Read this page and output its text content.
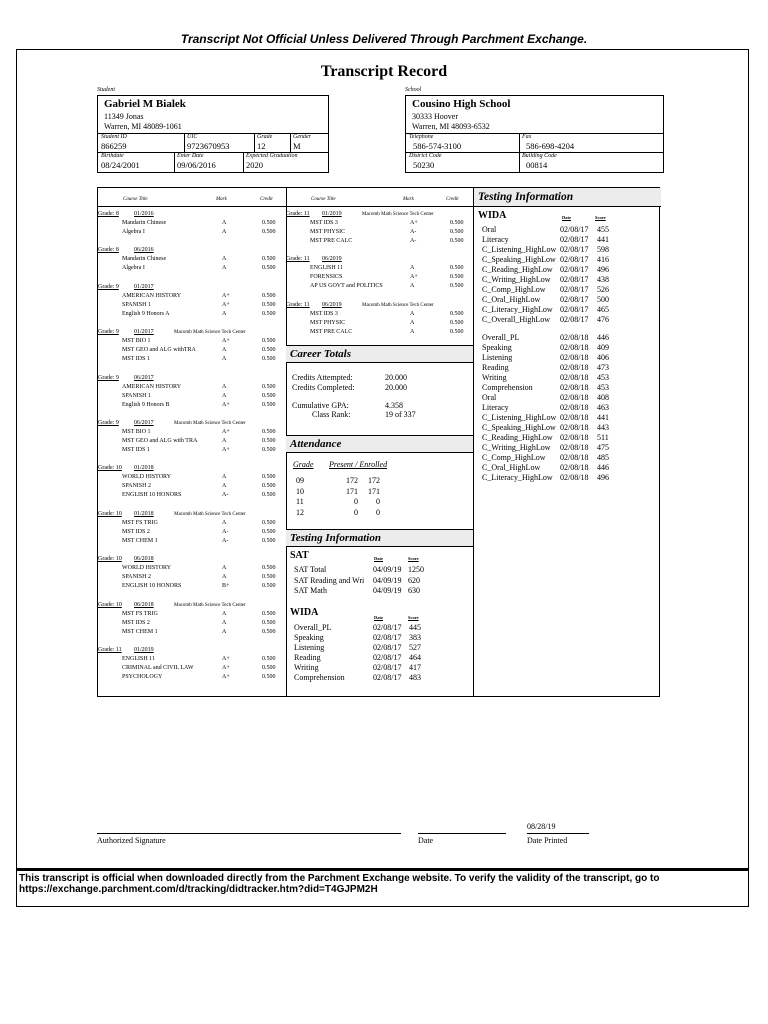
Transcript Not Official Unless Delivered Through Parchment Exchange.
Transcript Record
Student
Gabriel M Bialek
11349 Jonas
Warren, MI 48089-1061
Student ID
866259
UIC
9723670953
Grade
12
Gender
M
Birthdate
08/24/2001
Enter Date
09/06/2016
Expected Graduation
2020
School
Cousino High School
30333 Hoover
Warren, MI 48093-6532
Telephone
586-574-3100
Fax
586-698-4204
District Code
50230
Building Code
00814
Course Title	Mark	Credit	Course Title	Mark	Credit
Grade: 8	01/2016
Mandarin Chinese	A	0.500
Algebra I	A	0.500
Grade: 8	06/2016
Mandarin Chinese	A	0.500
Algebra I	A	0.500
Grade: 9	01/2017
AMERICAN HISTORY	A+	0.500
SPANISH 1	A+	0.500
English 9 Honors A	A	0.500
Grade: 9	01/2017	Macomb Math Science Tech Center
MST BIO 1	A+	0.500
MST GEO and ALG withTRA	A	0.500
MST IDS 1	A	0.500
Grade: 9	06/2017
AMERICAN HISTORY	A	0.500
SPANISH 1	A	0.500
English 9 Honors B	A+	0.500
Grade: 9	06/2017	Macomb Math Science Tech Center
MST BIO 1	A+	0.500
MST GEO and ALG with TRA	A	0.500
MST IDS 1	A+	0.500
Grade: 10 01/2018
WORLD HISTORY	A	0.500
SPANISH 2	A	0.500
ENGLISH 10 HONORS	A-	0.500
Grade: 10 01/2018	Macomb Math Science Tech Center
MST FS TRIG	A	0.500
MST IDS 2	A-	0.500
MST CHEM 1	A-	0.500
Grade: 10 06/2018
WORLD HISTORY	A	0.500
SPANISH 2	A	0.500
ENGLISH 10 HONORS	B+	0.500
Grade: 10 06/2018	Macomb Math Science Tech Center
MST FS TRIG	A	0.500
MST IDS 2	A	0.500
MST CHEM 1	A	0.500
Grade: 11 01/2019
ENGLISH 11	A+	0.500
CRIMINAL and CIVIL LAW	A+	0.500
PSYCHOLOGY	A+	0.500
Grade: 11 01/2019	Macomb Math Science Tech Center
MST IDS 3	A+	0.500
MST PHYSIC	A-	0.500
MST PRE CALC	A-	0.500
Grade: 11 06/2019
ENGLISH 11	A	0.500
FORENSICS	A+	0.500
AP US GOVT and POLITICS	A	0.500
Grade: 11 06/2019	Macomb Math Science Tech Center
MST IDS 3	A	0.500
MST PHYSIC	A	0.500
MST PRE CALC	A	0.500
Career Totals
Credits Attempted:	20.000
Credits Completed:	20.000
Cumulative GPA:	4.358
Class Rank:	19 of 337
Attendance
Grade Present / Enrolled
09	172	172
10	171	171
11	0	0
12	0	0
Testing Information
SAT	Date	Score
SAT Total	04/09/19 1250
SAT Reading and Wri 04/09/19 620
SAT Math	04/09/19 630
WIDA	Date	Score
Overall_PL	02/08/17 445
Speaking	02/08/17 383
Listening	02/08/17 527
Reading	02/08/17 464
Writing	02/08/17 417
Comprehension	02/08/17 483
Testing Information
WIDA	Date	Score
Oral	02/08/17 455
Literacy	02/08/17 441
C_Listening_HighLow 02/08/17 598
C_Speaking_HighLow 02/08/17 416
C_Reading_HighLow 02/08/17 496
C_Writing_HighLow 02/08/17 438
C_Comp_HighLow 02/08/17 526
C_Oral_HighLow 02/08/17 500
C_Literacy_HighLow 02/08/17 465
C_Overall_HighLow 02/08/17 476
Overall_PL	02/08/18 446
Speaking	02/08/18 409
Listening	02/08/18 406
Reading	02/08/18 473
Writing	02/08/18 453
Comprehension	02/08/18 453
Oral	02/08/18 408
Literacy	02/08/18 463
C_Listening_HighLow 02/08/18 441
C_Speaking_HighLow 02/08/18 443
C_Reading_HighLow 02/08/18 511
C_Writing_HighLow 02/08/18 475
C_Comp_HighLow 02/08/18 485
C_Oral_HighLow 02/08/18 446
C_Literacy_HighLow 02/08/18 496
08/28/19
Authorized Signature	Date	Date Printed
This transcript is official when downloaded directly from the Parchment Exchange website. To verify the validity of the transcript, go to https://exchange.parchment.com/d/tracking/didtracker.htm?did=T4GJPM2H
